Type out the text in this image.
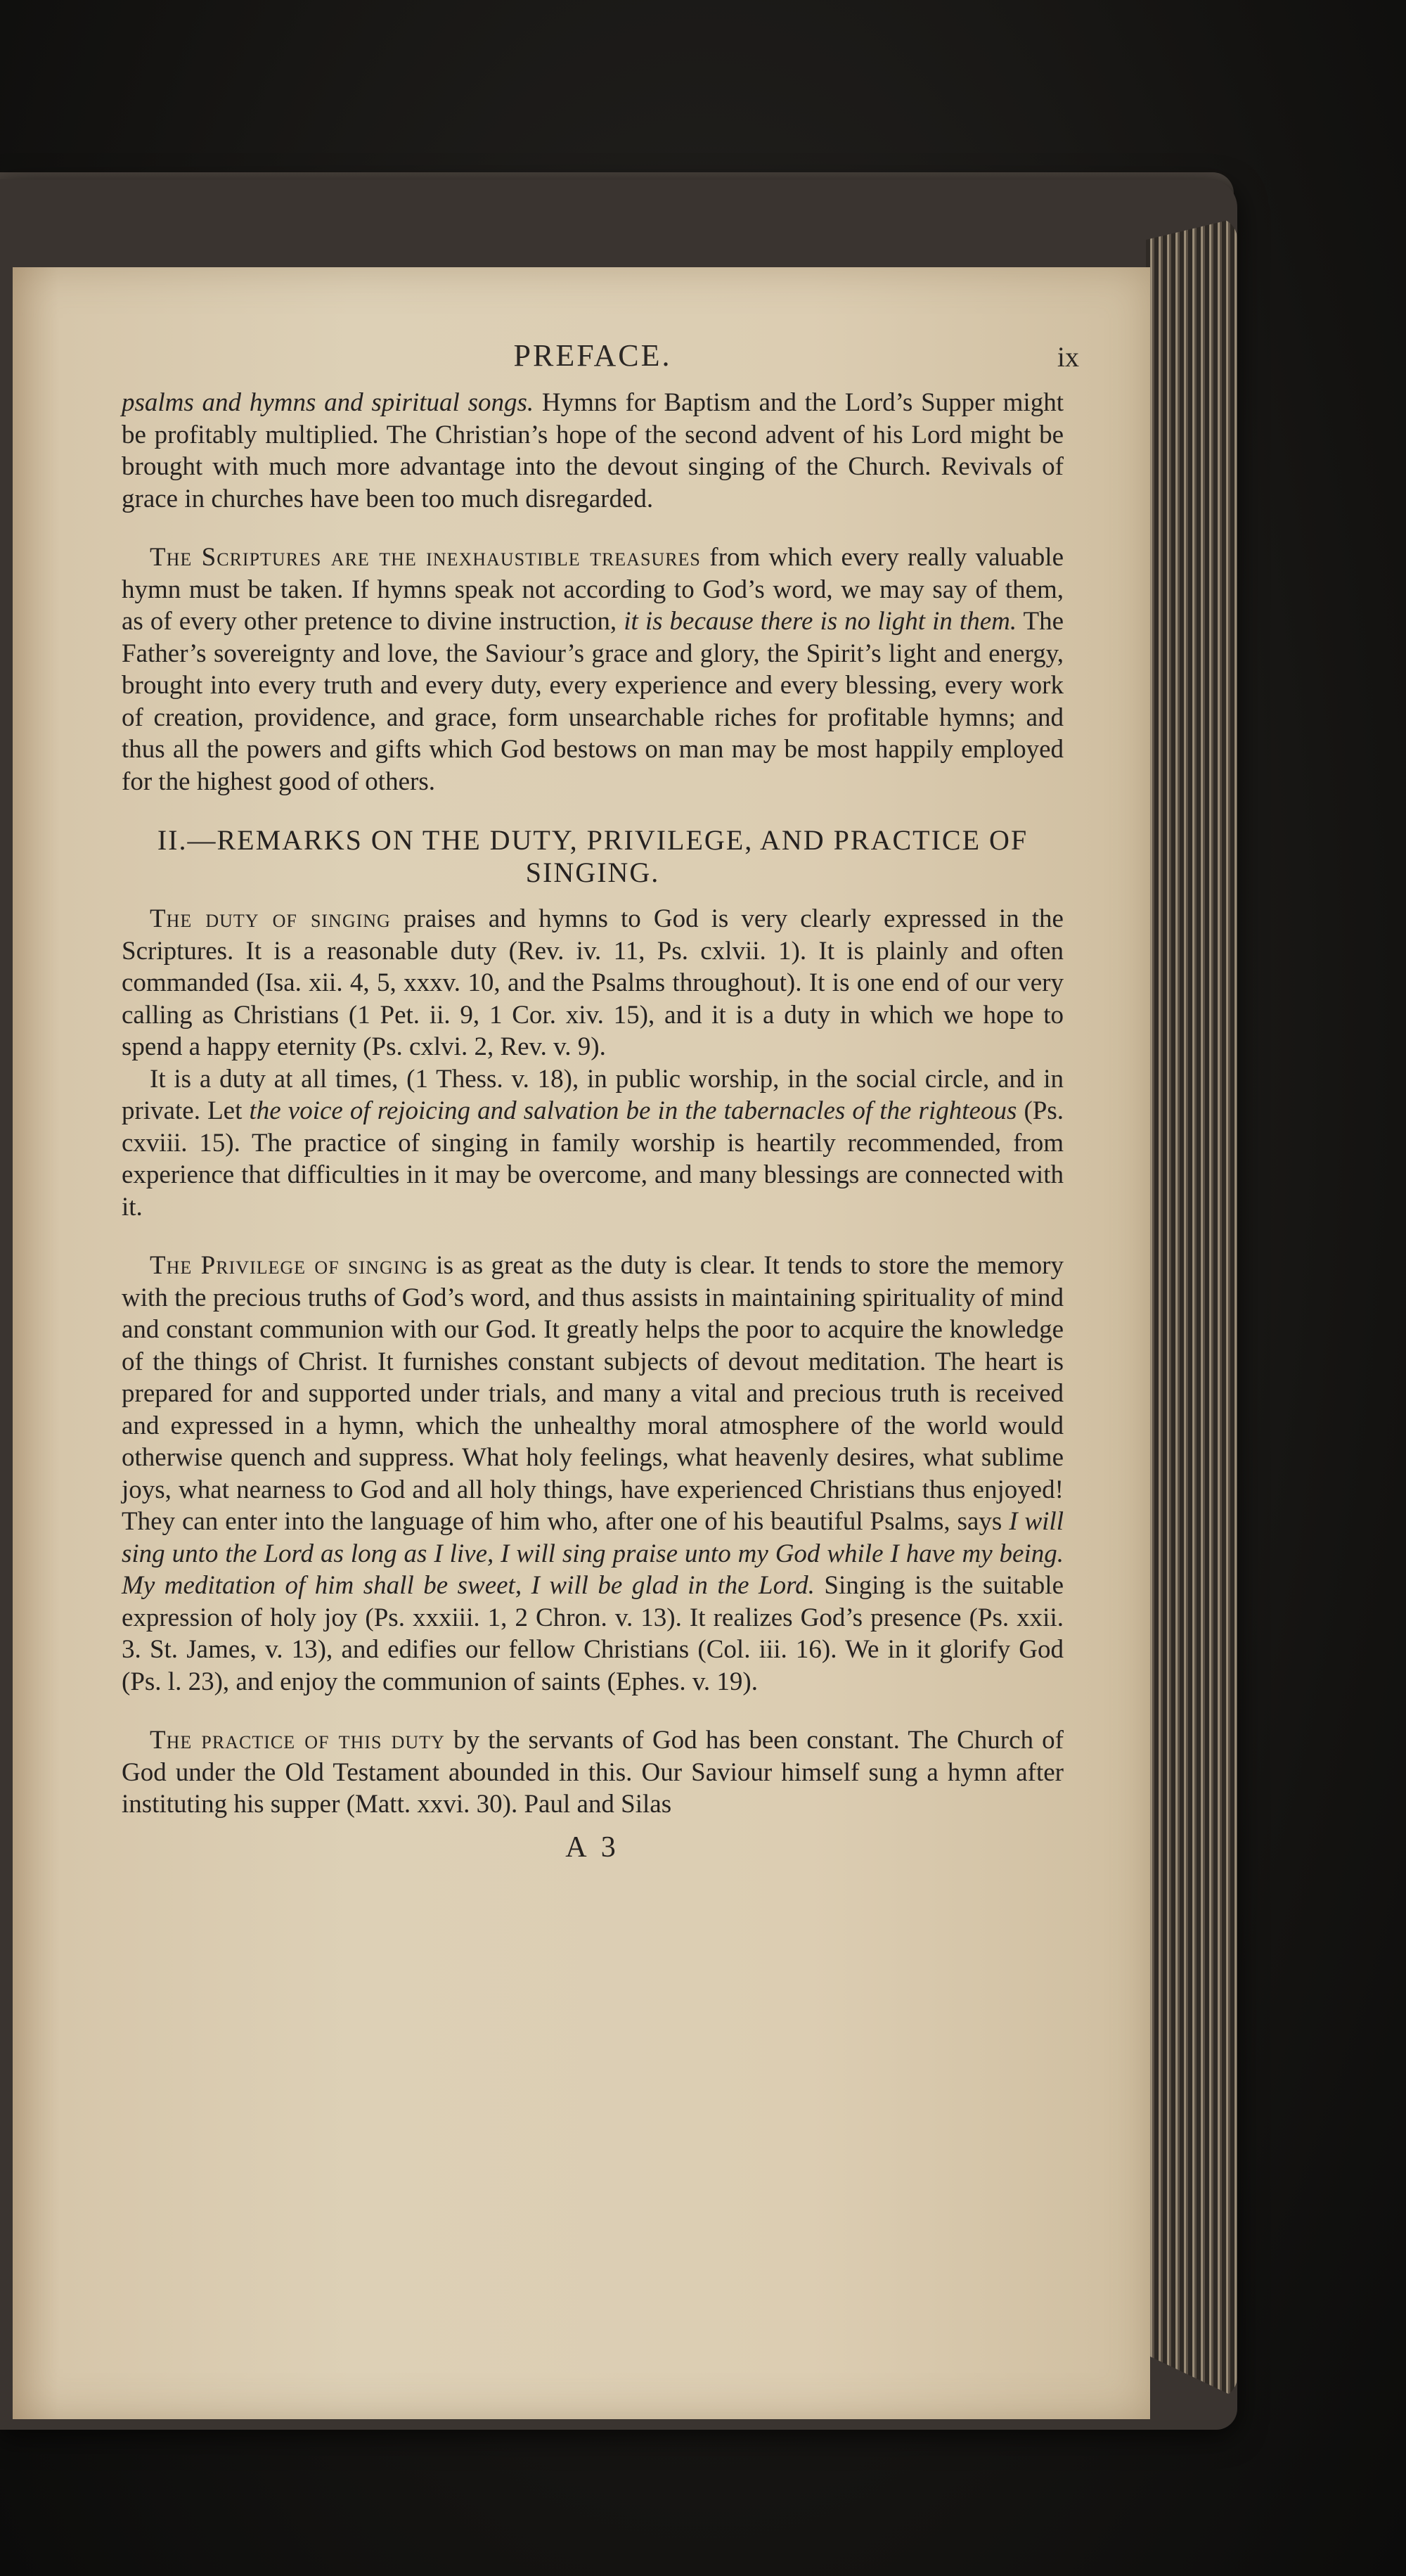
PREFACE.	ix

psalms and hymns and spiritual songs. Hymns for Baptism and the Lord’s Supper might be profitably multiplied. The Christian’s hope of the second advent of his Lord might be brought with much more advantage into the devout singing of the Church. Revivals of grace in churches have been too much disregarded.

The Scriptures are the inexhaustible treasures from which every really valuable hymn must be taken. If hymns speak not according to God’s word, we may say of them, as of every other pretence to divine instruction, it is because there is no light in them. The Father’s sovereignty and love, the Saviour’s grace and glory, the Spirit’s light and energy, brought into every truth and every duty, every experience and every blessing, every work of creation, providence, and grace, form unsearchable riches for profitable hymns; and thus all the powers and gifts which God bestows on man may be most happily employed for the highest good of others.

II.—REMARKS ON THE DUTY, PRIVILEGE, AND PRACTICE OF SINGING.

The duty of singing praises and hymns to God is very clearly expressed in the Scriptures. It is a reasonable duty (Rev. iv. 11, Ps. cxlvii. 1). It is plainly and often commanded (Isa. xii. 4, 5, xxxv. 10, and the Psalms throughout). It is one end of our very calling as Christians (1 Pet. ii. 9, 1 Cor. xiv. 15), and it is a duty in which we hope to spend a happy eternity (Ps. cxlvi. 2, Rev. v. 9).

It is a duty at all times, (1 Thess. v. 18), in public worship, in the social circle, and in private. Let the voice of rejoicing and salvation be in the tabernacles of the righteous (Ps. cxviii. 15). The practice of singing in family worship is heartily recommended, from experience that difficulties in it may be overcome, and many blessings are connected with it.

The Privilege of singing is as great as the duty is clear. It tends to store the memory with the precious truths of God’s word, and thus assists in maintaining spirituality of mind and constant communion with our God. It greatly helps the poor to acquire the knowledge of the things of Christ. It furnishes constant subjects of devout meditation. The heart is prepared for and supported under trials, and many a vital and precious truth is received and expressed in a hymn, which the unhealthy moral atmosphere of the world would otherwise quench and suppress. What holy feelings, what heavenly desires, what sublime joys, what nearness to God and all holy things, have experienced Christians thus enjoyed! They can enter into the language of him who, after one of his beautiful Psalms, says I will sing unto the Lord as long as I live, I will sing praise unto my God while I have my being. My meditation of him shall be sweet, I will be glad in the Lord. Singing is the suitable expression of holy joy (Ps. xxxiii. 1, 2 Chron. v. 13). It realizes God’s presence (Ps. xxii. 3. St. James, v. 13), and edifies our fellow Christians (Col. iii. 16). We in it glorify God (Ps. l. 23), and enjoy the communion of saints (Ephes. v. 19).

The practice of this duty by the servants of God has been constant. The Church of God under the Old Testament abounded in this. Our Saviour himself sung a hymn after instituting his supper (Matt. xxvi. 30). Paul and Silas

A 3
